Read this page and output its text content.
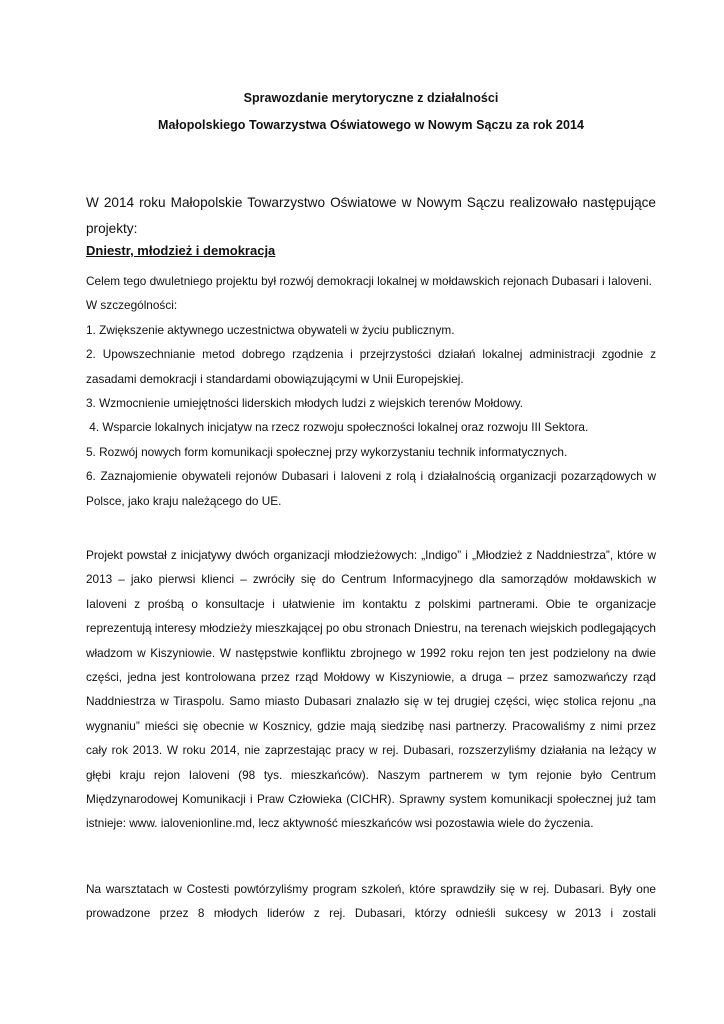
Sprawozdanie merytoryczne z działalności
Małopolskiego Towarzystwa Oświatowego w Nowym Sączu za rok 2014
W 2014 roku Małopolskie Towarzystwo Oświatowe w Nowym Sączu realizowało następujące projekty:
Dniestr, młodzież i demokracja

Celem tego dwuletniego projektu był rozwój demokracji lokalnej w mołdawskich rejonach Dubasari i Ialoveni.

W szczególności:

1. Zwiększenie aktywnego uczestnictwa obywateli w życiu publicznym.

2. Upowszechnianie metod dobrego rządzenia i przejrzystości działań lokalnej administracji zgodnie z zasadami demokracji i standardami obowiązującymi w Unii Europejskiej.

3. Wzmocnienie umiejętności liderskich młodych ludzi z wiejskich terenów Mołdowy.

4. Wsparcie lokalnych inicjatyw na rzecz rozwoju społeczności lokalnej oraz rozwoju III Sektora.

5. Rozwój nowych form komunikacji społecznej przy wykorzystaniu technik informatycznych.

6. Zaznajomienie obywateli rejonów Dubasari i Ialoveni z rolą i działalnością organizacji pozarządowych w Polsce, jako kraju należącego do UE.

Projekt powstał z inicjatywy dwóch organizacji młodzieżowych: „Indigo” i „Młodzież z Naddniestrza”, które w 2013 – jako pierwsi klienci – zwróciły się do Centrum Informacyjnego dla samorządów mołdawskich w Ialoveni z prośbą o konsultacje i ułatwienie im kontaktu z polskimi partnerami. Obie te organizacje reprezentują interesy młodzieży mieszkającej po obu stronach Dniestru, na terenach wiejskich podlegających władzom w Kiszyniowie. W następstwie konfliktu zbrojnego w 1992 roku rejon ten jest podzielony na dwie części, jedna jest kontrolowana przez rząd Mołdowy w Kiszyniowie, a druga – przez samozwańczy rząd Naddniestrza w Tiraspolu. Samo miasto Dubasari znalazło się w tej drugiej części, więc stolica rejonu „na wygnaniu” mieści się obecnie w Kosznicy, gdzie mają siedzibę nasi partnerzy. Pracowaliśmy z nimi przez cały rok 2013. W roku 2014, nie zaprzestając pracy w rej. Dubasari, rozszerzyliśmy działania na leżący w głębi kraju rejon Ialoveni (98 tys. mieszkańców). Naszym partnerem w tym rejonie było Centrum Międzynarodowej Komunikacji i Praw Człowieka (CICHR). Sprawny system komunikacji społecznej już tam istnieje: www. ialovenionline.md, lecz aktywność mieszkańców wsi pozostawia wiele do życzenia.

Na warsztatach w Costesti powtórzyliśmy program szkoleń, które sprawdziły się w rej. Dubasari. Były one prowadzone przez 8 młodych liderów z rej. Dubasari, którzy odnieśli sukcesy w 2013 i zostali
